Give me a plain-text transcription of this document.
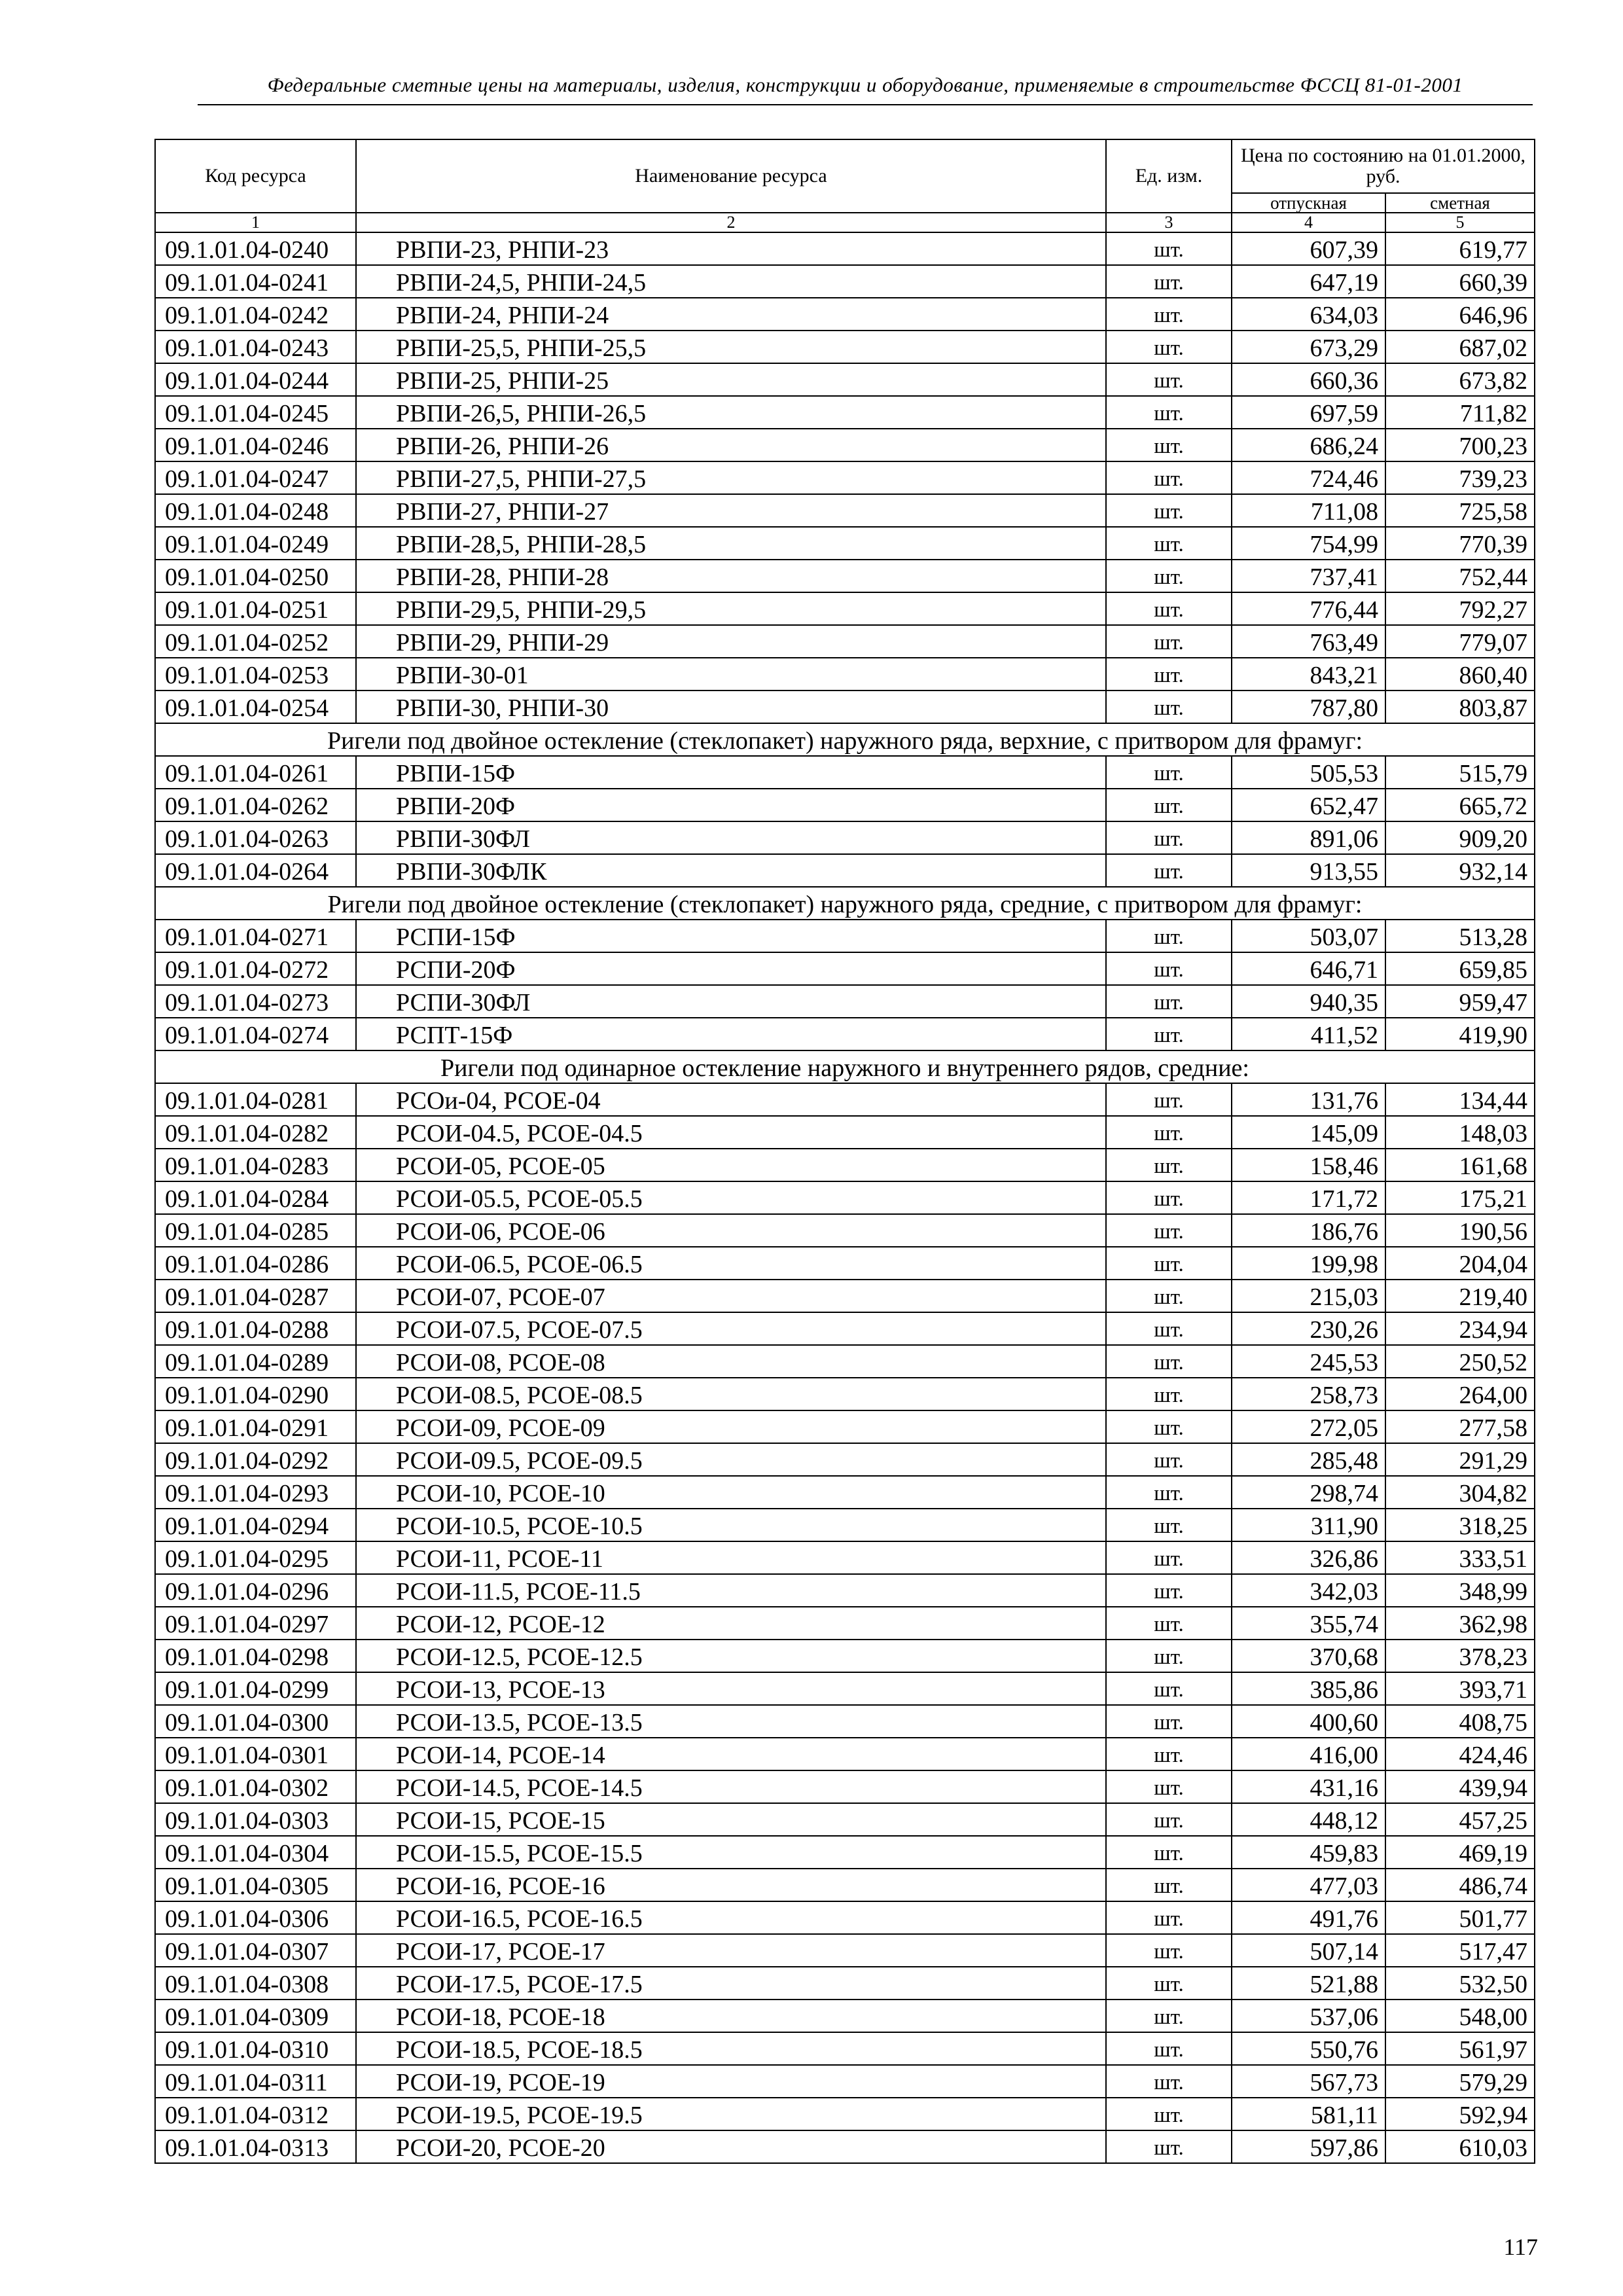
Федеральные сметные цены на материалы, изделия, конструкции и оборудование, применяемые в строительстве ФССЦ 81-01-2001
Код ресурса	Наименование ресурса	Ед. изм.	Цена по состоянию на 01.01.2000, руб.	
			отпускная	сметная
1	2	3	4	5
09.1.01.04-0240	РВПИ-23, РНПИ-23	шт.	607,39	619,77
09.1.01.04-0241	РВПИ-24,5, РНПИ-24,5	шт.	647,19	660,39
09.1.01.04-0242	РВПИ-24, РНПИ-24	шт.	634,03	646,96
09.1.01.04-0243	РВПИ-25,5, РНПИ-25,5	шт.	673,29	687,02
09.1.01.04-0244	РВПИ-25, РНПИ-25	шт.	660,36	673,82
09.1.01.04-0245	РВПИ-26,5, РНПИ-26,5	шт.	697,59	711,82
09.1.01.04-0246	РВПИ-26, РНПИ-26	шт.	686,24	700,23
09.1.01.04-0247	РВПИ-27,5, РНПИ-27,5	шт.	724,46	739,23
09.1.01.04-0248	РВПИ-27, РНПИ-27	шт.	711,08	725,58
09.1.01.04-0249	РВПИ-28,5, РНПИ-28,5	шт.	754,99	770,39
09.1.01.04-0250	РВПИ-28, РНПИ-28	шт.	737,41	752,44
09.1.01.04-0251	РВПИ-29,5, РНПИ-29,5	шт.	776,44	792,27
09.1.01.04-0252	РВПИ-29, РНПИ-29	шт.	763,49	779,07
09.1.01.04-0253	РВПИ-30-01	шт.	843,21	860,40
09.1.01.04-0254	РВПИ-30, РНПИ-30	шт.	787,80	803,87
Ригели под двойное остекление (стеклопакет) наружного ряда, верхние, с притвором для фрамуг:				
09.1.01.04-0261	РВПИ-15Ф	шт.	505,53	515,79
09.1.01.04-0262	РВПИ-20Ф	шт.	652,47	665,72
09.1.01.04-0263	РВПИ-30ФЛ	шт.	891,06	909,20
09.1.01.04-0264	РВПИ-30ФЛК	шт.	913,55	932,14
Ригели под двойное остекление (стеклопакет) наружного ряда, средние, с притвором для фрамуг:				
09.1.01.04-0271	РСПИ-15Ф	шт.	503,07	513,28
09.1.01.04-0272	РСПИ-20Ф	шт.	646,71	659,85
09.1.01.04-0273	РСПИ-30ФЛ	шт.	940,35	959,47
09.1.01.04-0274	РСПТ-15Ф	шт.	411,52	419,90
Ригели под одинарное остекление наружного и внутреннего рядов, средние:				
09.1.01.04-0281	РСОи-04, РСОЕ-04	шт.	131,76	134,44
09.1.01.04-0282	РСОИ-04.5, РСОЕ-04.5	шт.	145,09	148,03
09.1.01.04-0283	РСОИ-05, РСОЕ-05	шт.	158,46	161,68
09.1.01.04-0284	РСОИ-05.5, РСОЕ-05.5	шт.	171,72	175,21
09.1.01.04-0285	РСОИ-06, РСОЕ-06	шт.	186,76	190,56
09.1.01.04-0286	РСОИ-06.5, РСОЕ-06.5	шт.	199,98	204,04
09.1.01.04-0287	РСОИ-07, РСОЕ-07	шт.	215,03	219,40
09.1.01.04-0288	РСОИ-07.5, РСОЕ-07.5	шт.	230,26	234,94
09.1.01.04-0289	РСОИ-08, РСОЕ-08	шт.	245,53	250,52
09.1.01.04-0290	РСОИ-08.5, РСОЕ-08.5	шт.	258,73	264,00
09.1.01.04-0291	РСОИ-09, РСОЕ-09	шт.	272,05	277,58
09.1.01.04-0292	РСОИ-09.5, РСОЕ-09.5	шт.	285,48	291,29
09.1.01.04-0293	РСОИ-10, РСОЕ-10	шт.	298,74	304,82
09.1.01.04-0294	РСОИ-10.5, РСОЕ-10.5	шт.	311,90	318,25
09.1.01.04-0295	РСОИ-11, РСОЕ-11	шт.	326,86	333,51
09.1.01.04-0296	РСОИ-11.5, РСОЕ-11.5	шт.	342,03	348,99
09.1.01.04-0297	РСОИ-12, РСОЕ-12	шт.	355,74	362,98
09.1.01.04-0298	РСОИ-12.5, РСОЕ-12.5	шт.	370,68	378,23
09.1.01.04-0299	РСОИ-13, РСОЕ-13	шт.	385,86	393,71
09.1.01.04-0300	РСОИ-13.5, РСОЕ-13.5	шт.	400,60	408,75
09.1.01.04-0301	РСОИ-14, РСОЕ-14	шт.	416,00	424,46
09.1.01.04-0302	РСОИ-14.5, РСОЕ-14.5	шт.	431,16	439,94
09.1.01.04-0303	РСОИ-15, РСОЕ-15	шт.	448,12	457,25
09.1.01.04-0304	РСОИ-15.5, РСОЕ-15.5	шт.	459,83	469,19
09.1.01.04-0305	РСОИ-16, РСОЕ-16	шт.	477,03	486,74
09.1.01.04-0306	РСОИ-16.5, РСОЕ-16.5	шт.	491,76	501,77
09.1.01.04-0307	РСОИ-17, РСОЕ-17	шт.	507,14	517,47
09.1.01.04-0308	РСОИ-17.5, РСОЕ-17.5	шт.	521,88	532,50
09.1.01.04-0309	РСОИ-18, РСОЕ-18	шт.	537,06	548,00
09.1.01.04-0310	РСОИ-18.5, РСОЕ-18.5	шт.	550,76	561,97
09.1.01.04-0311	РСОИ-19, РСОЕ-19	шт.	567,73	579,29
09.1.01.04-0312	РСОИ-19.5, РСОЕ-19.5	шт.	581,11	592,94
09.1.01.04-0313	РСОИ-20, РСОЕ-20	шт.	597,86	610,03
117
